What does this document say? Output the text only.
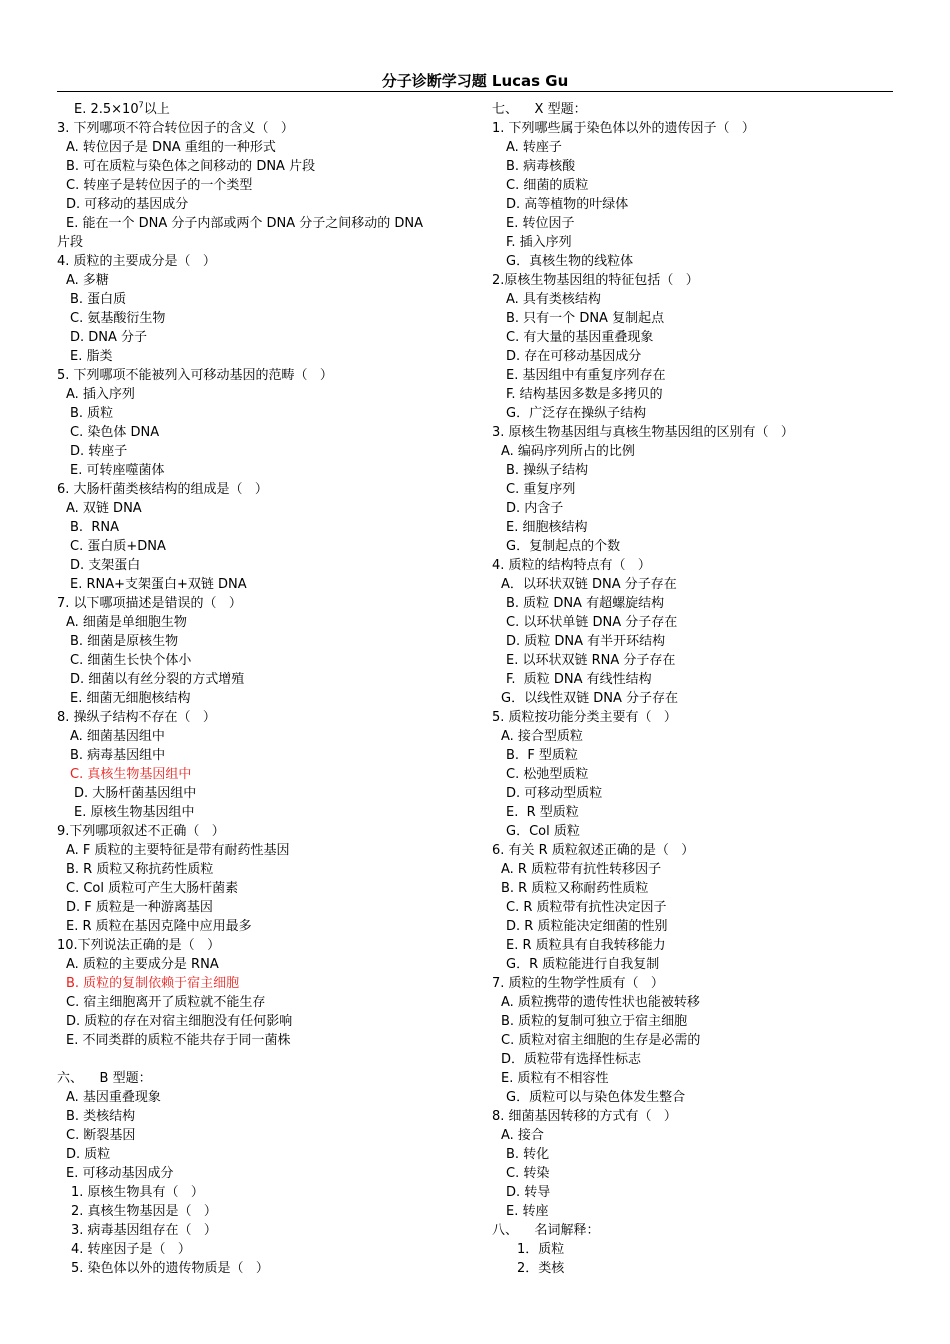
分子诊断学习题 Lucas Gu
E. $2.5\times 10^7$以上
3. 下列哪项不符合转位因子的含义（   ）
A. 转位因子是 DNA 重组的一种形式
B. 可在质粒与染色体之间移动的 DNA 片段
C. 转座子是转位因子的一个类型
D. 可移动的基因成分
E. 能在一个 DNA 分子内部或两个 DNA 分子之间移动的 DNA
片段
4. 质粒的主要成分是（   ）
A. 多糖
B. 蛋白质
C. 氨基酸衍生物
D. DNA 分子
E. 脂类
5. 下列哪项不能被列入可移动基因的范畴（   ）
A. 插入序列
B. 质粒
C. 染色体 DNA
D. 转座子
E. 可转座噬菌体
6. 大肠杆菌类核结构的组成是（   ）
A. 双链 DNA
B.  RNA
C. 蛋白质+DNA
D. 支架蛋白
E. RNA+支架蛋白+双链 DNA
7. 以下哪项描述是错误的（   ）
A. 细菌是单细胞生物
B. 细菌是原核生物
C. 细菌生长快个体小
D. 细菌以有丝分裂的方式增殖
E. 细菌无细胞核结构
8. 操纵子结构不存在（   ）
A. 细菌基因组中
B. 病毒基因组中
C. 真核生物基因组中
D. 大肠杆菌基因组中
E. 原核生物基因组中
9.下列哪项叙述不正确（   ）
A. F 质粒的主要特征是带有耐药性基因
B. R 质粒又称抗药性质粒
C. Col 质粒可产生大肠杆菌素
D. F 质粒是一种游离基因
E. R 质粒在基因克隆中应用最多
10.下列说法正确的是（   ）
A. 质粒的主要成分是 RNA
B. 质粒的复制依赖于宿主细胞
C. 宿主细胞离开了质粒就不能生存
D. 质粒的存在对宿主细胞没有任何影响
E. 不同类群的质粒不能共存于同一菌株
六、    B 型题：
A. 基因重叠现象
B. 类核结构
C. 断裂基因
D. 质粒
E. 可移动基因成分
1. 原核生物具有（   ）
2. 真核生物基因是（   ）
3. 病毒基因组存在（   ）
4. 转座因子是（   ）
5. 染色体以外的遗传物质是（   ）
七、    X 型题：
1. 下列哪些属于染色体以外的遗传因子（   ）
A. 转座子
B. 病毒核酸
C. 细菌的质粒
D. 高等植物的叶绿体
E. 转位因子
F. 插入序列
G．真核生物的线粒体
2.原核生物基因组的特征包括（   ）
A. 具有类核结构
B. 只有一个 DNA 复制起点
C. 有大量的基因重叠现象
D. 存在可移动基因成分
E. 基因组中有重复序列存在
F. 结构基因多数是多拷贝的
G．广泛存在操纵子结构
3. 原核生物基因组与真核生物基因组的区别有（   ）
A. 编码序列所占的比例
B. 操纵子结构
C. 重复序列
D. 内含子
E. 细胞核结构
G．复制起点的个数
4. 质粒的结构特点有（   ）
A．以环状双链 DNA 分子存在
B. 质粒 DNA 有超螺旋结构
C. 以环状单链 DNA 分子存在
D. 质粒 DNA 有半开环结构
E. 以环状双链 RNA 分子存在
F.  质粒 DNA 有线性结构
G．以线性双链 DNA 分子存在
5. 质粒按功能分类主要有（   ）
A. 接合型质粒
B.  F 型质粒
C. 松弛型质粒
D. 可移动型质粒
E.  R 型质粒
G．Col 质粒
6. 有关 R 质粒叙述正确的是（   ）
A. R 质粒带有抗性转移因子
B. R 质粒又称耐药性质粒
C. R 质粒带有抗性决定因子
D. R 质粒能决定细菌的性别
E. R 质粒具有自我转移能力
G．R 质粒能进行自我复制
7. 质粒的生物学性质有（   ）
A. 质粒携带的遗传性状也能被转移
B. 质粒的复制可独立于宿主细胞
C. 质粒对宿主细胞的生存是必需的
D．质粒带有选择性标志
E. 质粒有不相容性
G．质粒可以与染色体发生整合
8. 细菌基因转移的方式有（   ）
A. 接合
B. 转化
C. 转染
D. 转导
E. 转座
八、    名词解释：
1．质粒
2．类核
